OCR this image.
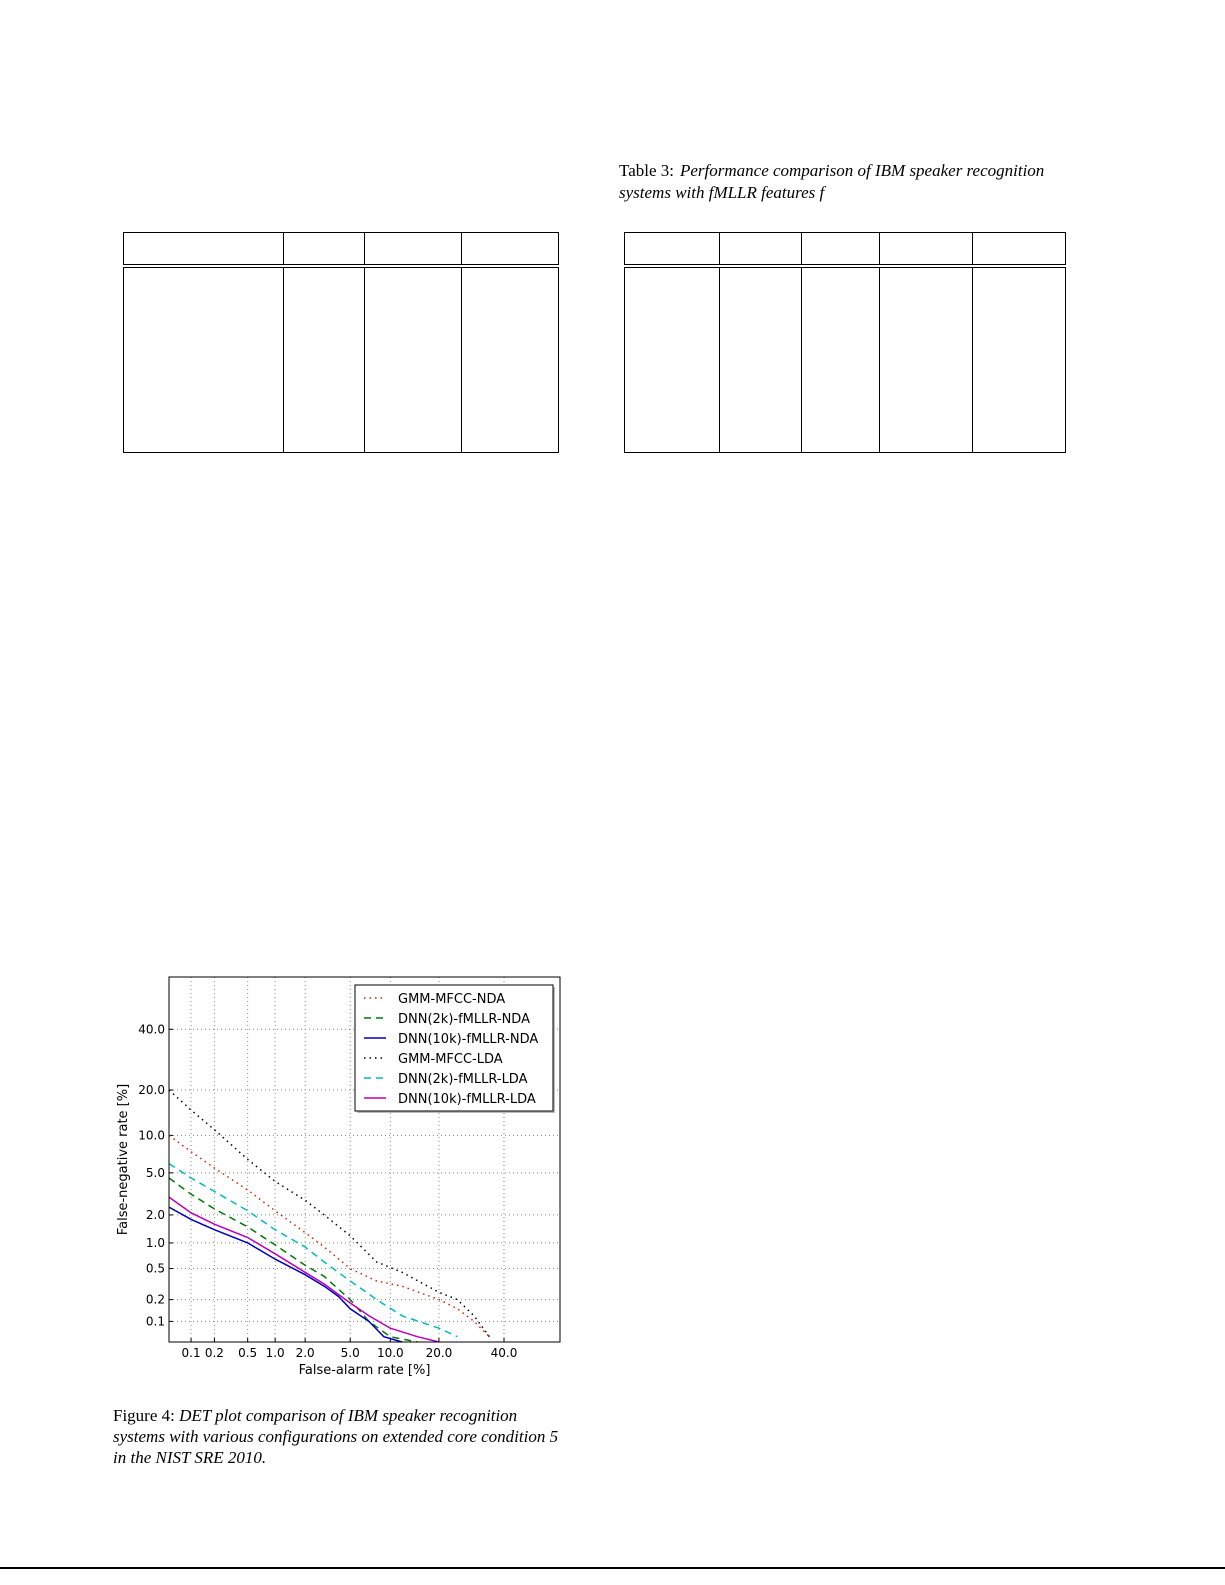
Table 3: Performance comparison of IBM speaker recognition systems with fMLLR features f

0.1 0.2 0.5 1.0 2.0 5.0 10.0 20.0	40.0
0.1
0.2
0.5
1.0
2.0
5.0
10.0
20.0
40.0
False-alarm rate [%]
False-negative rate [%]
GMM-MFCC-NDA
DNN(2k)-fMLLR-NDA
DNN(10k)-fMLLR-NDA
GMM-MFCC-LDA
DNN(2k)-fMLLR-LDA
DNN(10k)-fMLLR-LDA
Figure 4: DET plot comparison of IBM speaker recognition systems with various configurations on extended core condition 5 in the NIST SRE 2010.
